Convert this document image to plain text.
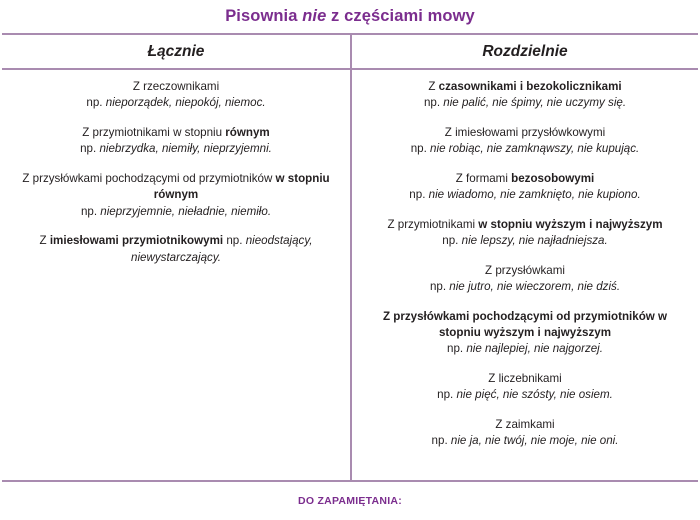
Pisownia nie z częściami mowy
Łącznie	Rozdzielnie

Z rzeczownikami
np. nieporządek, niepokój, niemoc.

Z przymiotnikami w stopniu równym
np. niebrzydka, niemiły, nieprzyjemni.

Z przysłówkami pochodzącymi od przymiotników w stopniu równym
np. nieprzyjemnie, nieładnie, niemiło.

Z imiesłowami przymiotnikowymi np. nieodstający, niewystarczający.

Z czasownikami i bezokolicznikami
np. nie palić, nie śpimy, nie uczymy się.

Z imiesłowami przysłówkowymi
np. nie robiąc, nie zamknąwszy, nie kupując.

Z formami bezosobowymi
np. nie wiadomo, nie zamknięto, nie kupiono.

Z przymiotnikami w stopniu wyższym i najwyższym
np. nie lepszy, nie najładniejsza.

Z przysłówkami
np. nie jutro, nie wieczorem, nie dziś.

Z przysłówkami pochodzącymi od przymiotników w stopniu wyższym i najwyższym
np. nie najlepiej, nie najgorzej.

Z liczebnikami
np. nie pięć, nie szósty, nie osiem.

Z zaimkami
np. nie ja, nie twój, nie moje, nie oni.

DO ZAPAMIĘTANIA:
